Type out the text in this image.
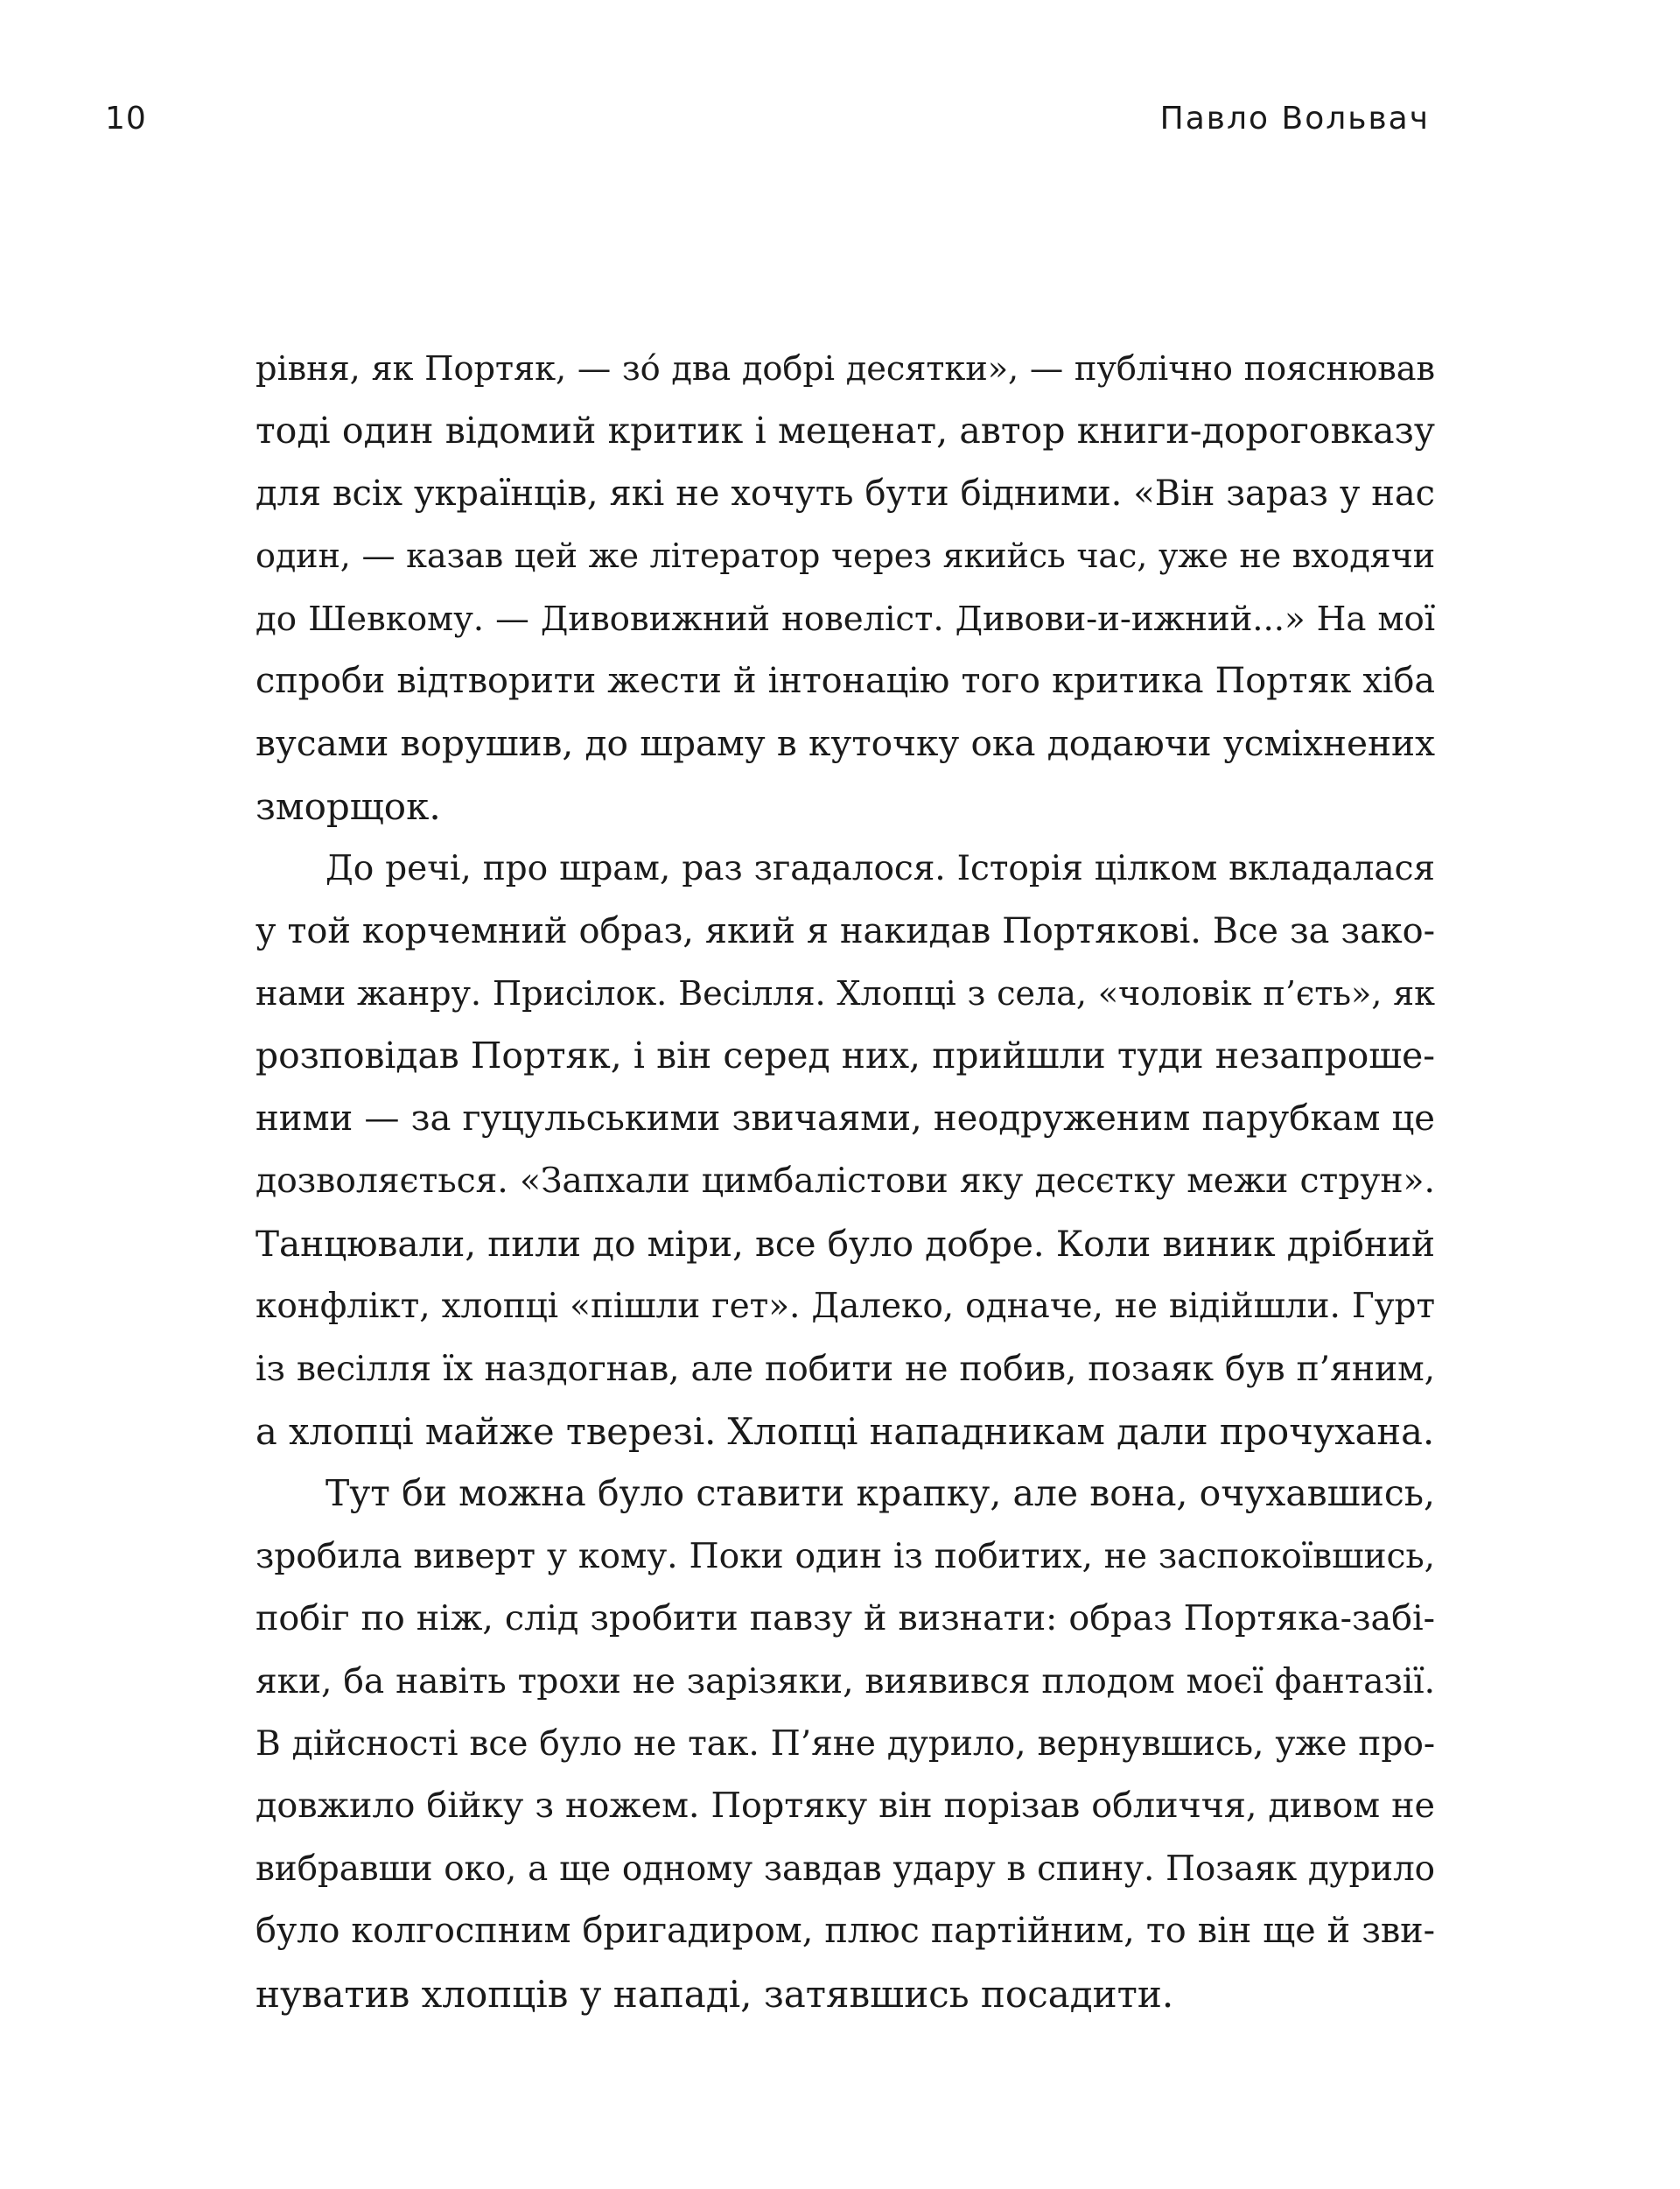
10	Павло Вольвач
рівня, як Портяк, — зо́ два добрі десятки», — публічно пояснював
тоді один відомий критик і меценат, автор книги-дороговказу
для всіх українців, які не хочуть бути бідними. «Він зараз у нас
один, — казав цей же літератор через якийсь час, уже не входячи
до Шевкому. — Дивовижний новеліст. Дивови-и-ижний...» На мої
спроби відтворити жести й інтонацію того критика Портяк хіба
вусами ворушив, до шраму в куточку ока додаючи усміхнених
зморщок.
До речі, про шрам, раз згадалося. Історія цілком вкладалася
у той корчемний образ, який я накидав Портякові. Все за зако-
нами жанру. Присілок. Весілля. Хлопці з села, «чоловік п’єть», як
розповідав Портяк, і він серед них, прийшли туди незапроше-
ними — за гуцульськими звичаями, неодруженим парубкам це
дозволяється. «Запхали цимбалістови яку десєтку межи струн».
Танцювали, пили до міри, все було добре. Коли виник дрібний
конфлікт, хлопці «пішли гет». Далеко, одначе, не відійшли. Гурт
із весілля їх наздогнав, але побити не побив, позаяк був п’яним,
а хлопці майже тверезі. Хлопці нападникам дали прочухана.
Тут би можна було ставити крапку, але вона, очухавшись,
зробила виверт у кому. Поки один із побитих, не заспокоївшись,
побіг по ніж, слід зробити павзу й визнати: образ Портяка-забі-
яки, ба навіть трохи не зарізяки, виявився плодом моєї фантазії.
В дійсності все було не так. П’яне дурило, вернувшись, уже про-
довжило бійку з ножем. Портяку він порізав обличчя, дивом не
вибравши око, а ще одному завдав удару в спину. Позаяк дурило
було колгоспним бригадиром, плюс партійним, то він ще й зви-
нуватив хлопців у нападі, затявшись посадити.
